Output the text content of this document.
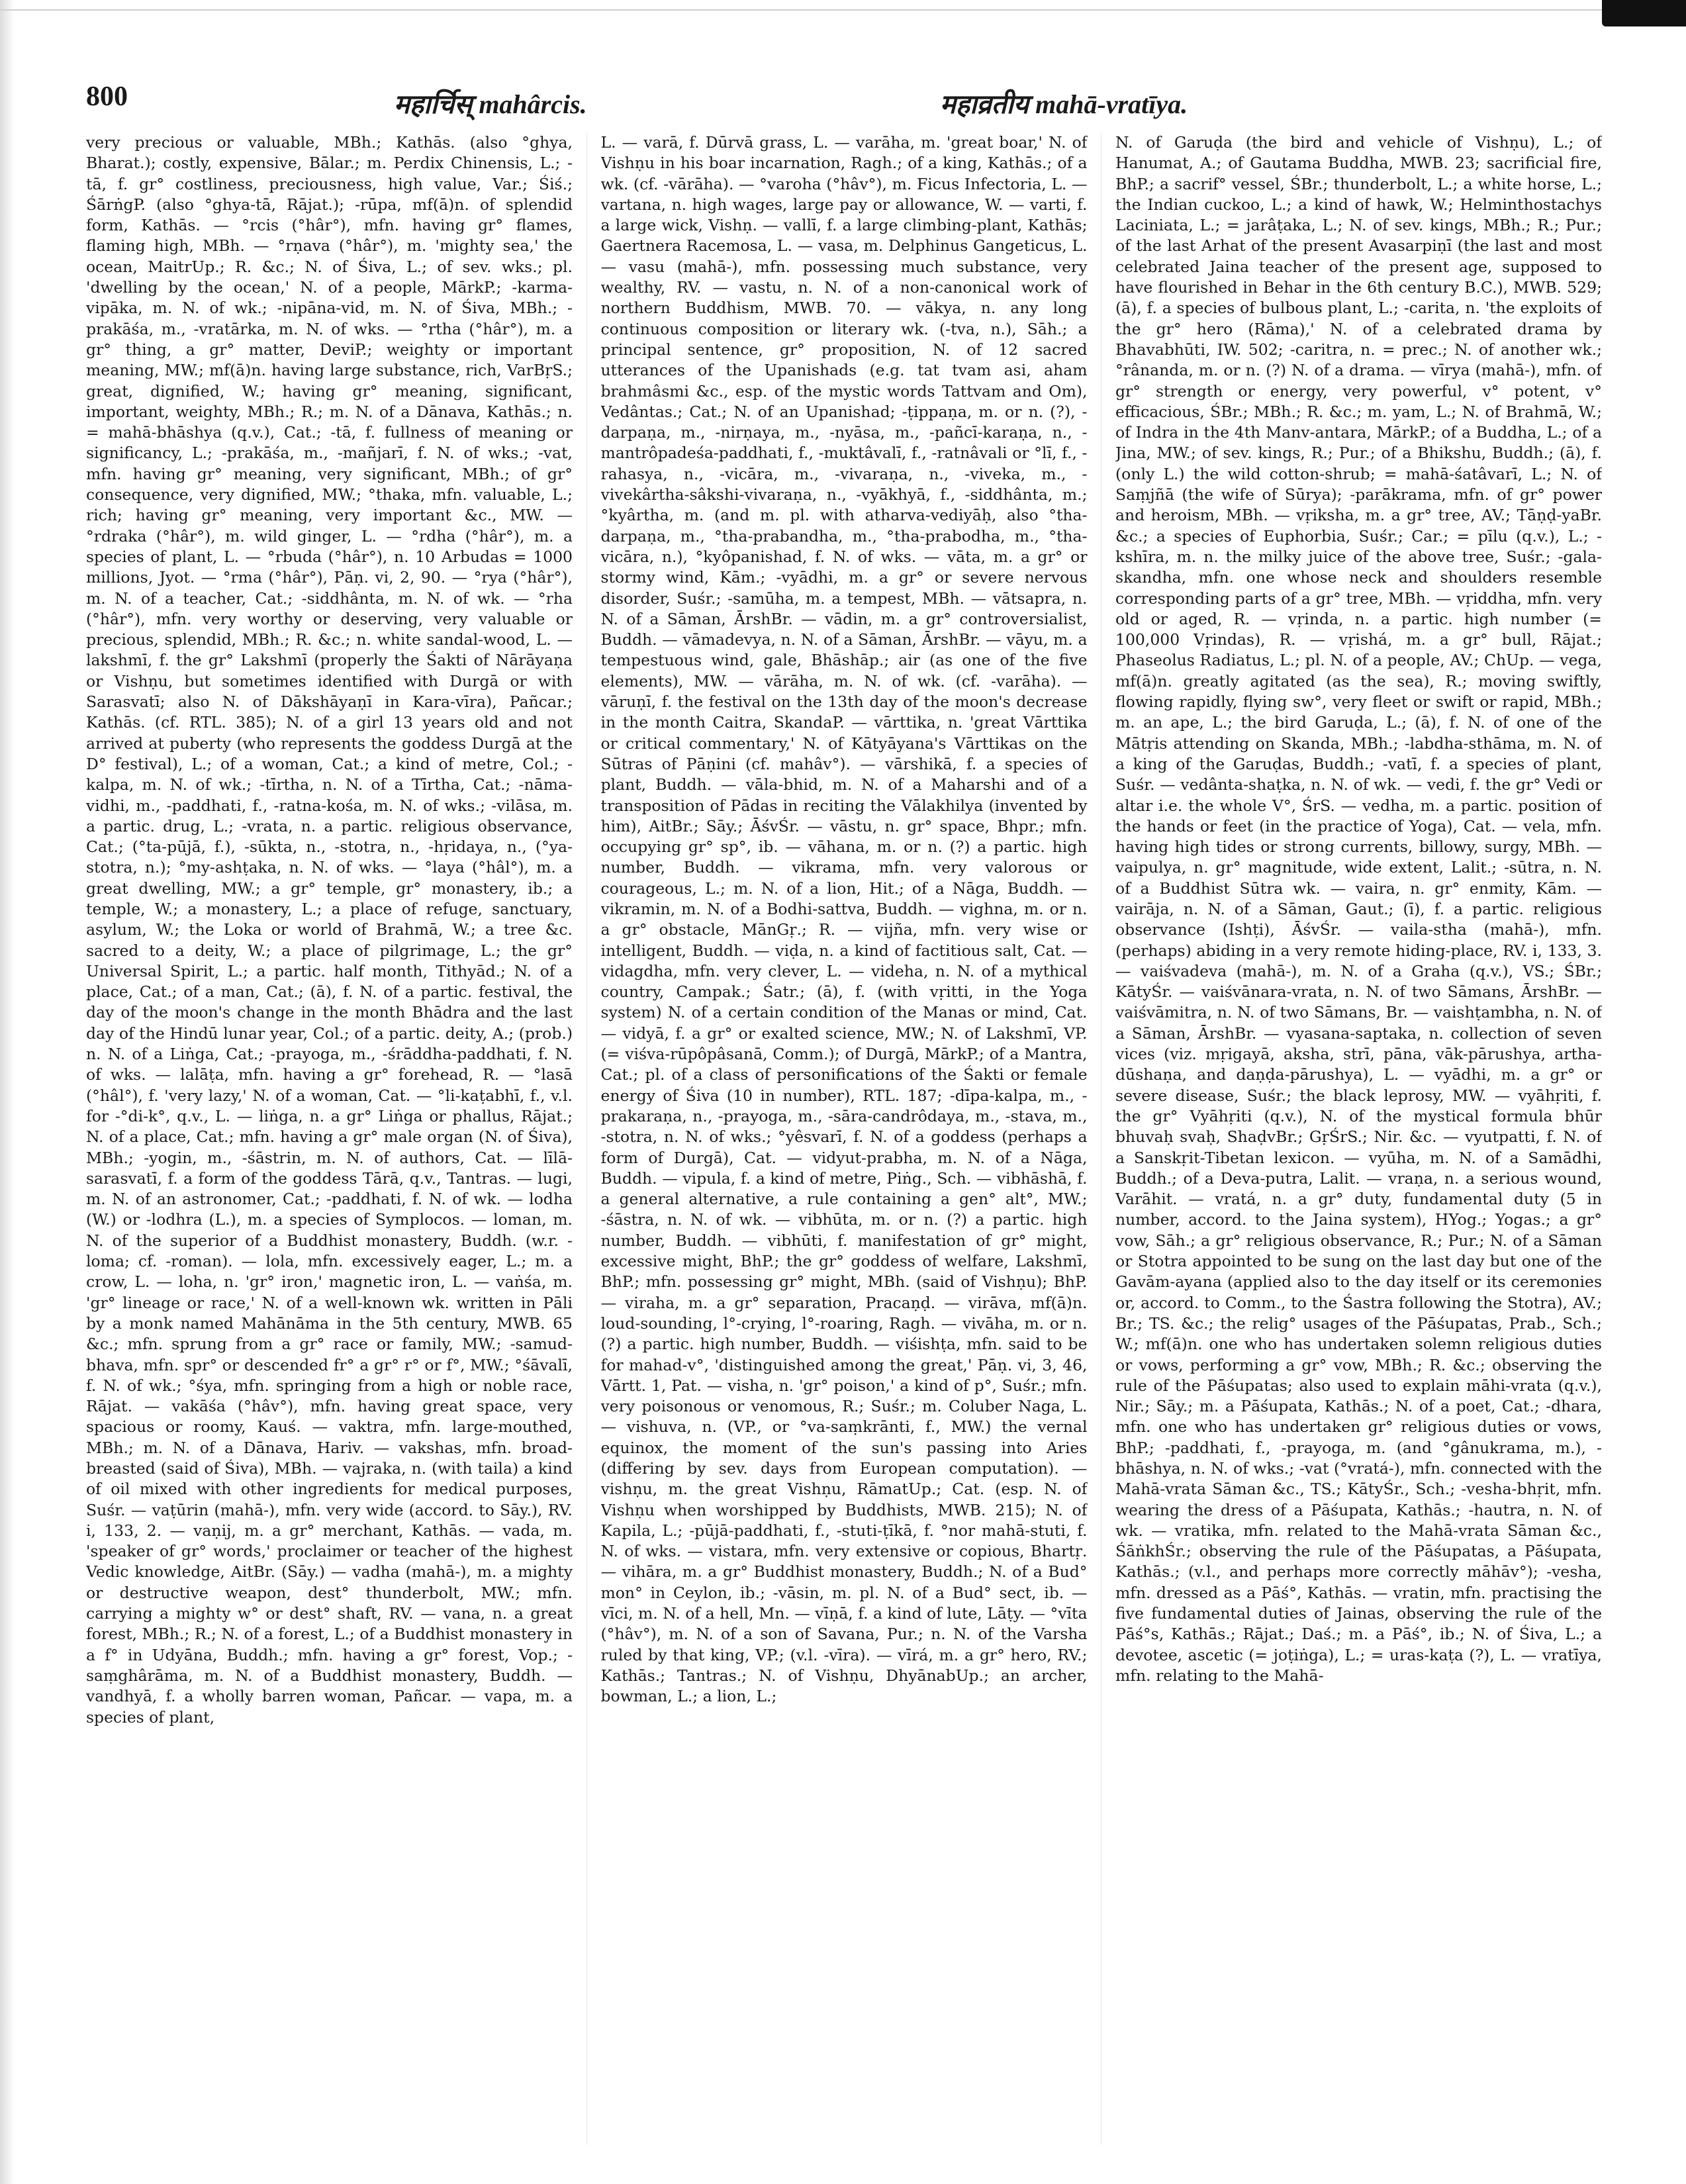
800	महार्चिस् mahârcis.	महाव्रतीय mahā-vratīya.

very precious or valuable, MBh.; Kathās. (also °ghya, Bharat.); costly, expensive, Bālar.; m. Perdix Chinensis, L.; -tā, f. gr° costliness, preciousness, high value, Var.; Śiś.; ŚārṅgP. (also °ghya-tā, Rājat.); -rūpa, mf(ā)n. of splendid form, Kathās. — °rcis (°hâr°), mfn. having gr° flames, flaming high, MBh. — °rṇava (°hâr°), m. 'mighty sea,' the ocean, MaitrUp.; R. &c.; N. of Śiva, L.; of sev. wks.; pl. 'dwelling by the ocean,' N. of a people, MārkP.; -karma-vipāka, m. N. of wk.; -nipāna-vid, m. N. of Śiva, MBh.; -prakāśa, m., -vratārka, m. N. of wks. — °rtha (°hâr°), m. a gr° thing, a gr° matter, DeviP.; weighty or important meaning, MW.; mf(ā)n. having large substance, rich, VarBṛS.; great, dignified, W.; having gr° meaning, significant, important, weighty, MBh.; R.; m. N. of a Dānava, Kathās.; n. = mahā-bhāshya (q.v.), Cat.; -tā, f. fullness of meaning or significancy, L.; -prakāśa, m., -mañjarī, f. N. of wks.; -vat, mfn. having gr° meaning, very significant, MBh.; of gr° consequence, very dignified, MW.; °thaka, mfn. valuable, L.; rich; having gr° meaning, very important &c., MW. — °rdraka (°hâr°), m. wild ginger, L. — °rdha (°hâr°), m. a species of plant, L. — °rbuda (°hâr°), n. 10 Arbudas = 1000 millions, Jyot. — °rma (°hâr°), Pāṇ. vi, 2, 90. — °rya (°hâr°), m. N. of a teacher, Cat.; -siddhânta, m. N. of wk. — °rha (°hâr°), mfn. very worthy or deserving, very valuable or precious, splendid, MBh.; R. &c.; n. white sandal-wood, L. — lakshmī, f. the gr° Lakshmī (properly the Śakti of Nārāyaṇa or Vishṇu, but sometimes identified with Durgā or with Sarasvatī; also N. of Dākshāyaṇī in Kara-vīra), Pañcar.; Kathās. (cf. RTL. 385); N. of a girl 13 years old and not arrived at puberty (who represents the goddess Durgā at the D° festival), L.; of a woman, Cat.; a kind of metre, Col.; -kalpa, m. N. of wk.; -tīrtha, n. N. of a Tīrtha, Cat.; -nāma-vidhi, m., -paddhati, f., -ratna-kośa, m. N. of wks.; -vilāsa, m. a partic. drug, L.; -vrata, n. a partic. religious observance, Cat.; (°ta-pūjā, f.), -sūkta, n., -stotra, n., -hṛidaya, n., (°ya-stotra, n.); °my-ashṭaka, n. N. of wks. — °laya (°hâl°), m. a great dwelling, MW.; a gr° temple, gr° monastery, ib.; a temple, W.; a monastery, L.; a place of refuge, sanctuary, asylum, W.; the Loka or world of Brahmā, W.; a tree &c. sacred to a deity, W.; a place of pilgrimage, L.; the gr° Universal Spirit, L.; a partic. half month, Tithyād.; N. of a place, Cat.; of a man, Cat.; (ā), f. N. of a partic. festival, the day of the moon's change in the month Bhādra and the last day of the Hindū lunar year, Col.; of a partic. deity, A.; (prob.) n. N. of a Liṅga, Cat.; -prayoga, m., -śrāddha-paddhati, f. N. of wks. — lalāṭa, mfn. having a gr° forehead, R. — °lasā (°hâl°), f. 'very lazy,' N. of a woman, Cat. — °li-kaṭabhī, f., v.l. for -°di-k°, q.v., L. — liṅga, n. a gr° Liṅga or phallus, Rājat.; N. of a place, Cat.; mfn. having a gr° male organ (N. of Śiva), MBh.; -yogin, m., -śāstrin, m. N. of authors, Cat. — līlā-sarasvatī, f. a form of the goddess Tārā, q.v., Tantras. — lugi, m. N. of an astronomer, Cat.; -paddhati, f. N. of wk. — lodha (W.) or -lodhra (L.), m. a species of Symplocos. — loman, m. N. of the superior of a Buddhist monastery, Buddh. (w.r. -loma; cf. -roman). — lola, mfn. excessively eager, L.; m. a crow, L. — loha, n. 'gr° iron,' magnetic iron, L. — vaṅśa, m. 'gr° lineage or race,' N. of a well-known wk. written in Pāli by a monk named Mahānāma in the 5th century, MWB. 65 &c.; mfn. sprung from a gr° race or family, MW.; -samud-bhava, mfn. spr° or descended fr° a gr° r° or f°, MW.; °śāvalī, f. N. of wk.; °śya, mfn. springing from a high or noble race, Rājat. — vakāśa (°hâv°), mfn. having great space, very spacious or roomy, Kauś. — vaktra, mfn. large-mouthed, MBh.; m. N. of a Dānava, Hariv. — vakshas, mfn. broad-breasted (said of Śiva), MBh. — vajraka, n. (with taila) a kind of oil mixed with other ingredients for medical purposes, Suśr. — vaṭūrin (mahā-), mfn. very wide (accord. to Sāy.), RV. i, 133, 2. — vaṇij, m. a gr° merchant, Kathās. — vada, m. 'speaker of gr° words,' proclaimer or teacher of the highest Vedic knowledge, AitBr. (Sāy.) — vadha (mahā-), m. a mighty or destructive weapon, dest° thunderbolt, MW.; mfn. carrying a mighty w° or dest° shaft, RV. — vana, n. a great forest, MBh.; R.; N. of a forest, L.; of a Buddhist monastery in a f° in Udyāna, Buddh.; mfn. having a gr° forest, Vop.; -saṃghârāma, m. N. of a Buddhist monastery, Buddh. — vandhyā, f. a wholly barren woman, Pañcar. — vapa, m. a species of plant,

L. — varā, f. Dūrvā grass, L. — varāha, m. 'great boar,' N. of Vishṇu in his boar incarnation, Ragh.; of a king, Kathās.; of a wk. (cf. -vārāha). — °varoha (°hâv°), m. Ficus Infectoria, L. — vartana, n. high wages, large pay or allowance, W. — varti, f. a large wick, Vishṇ. — vallī, f. a large climbing-plant, Kathās; Gaertnera Racemosa, L. — vasa, m. Delphinus Gangeticus, L. — vasu (mahā-), mfn. possessing much substance, very wealthy, RV. — vastu, n. N. of a non-canonical work of northern Buddhism, MWB. 70. — vākya, n. any long continuous composition or literary wk. (-tva, n.), Sāh.; a principal sentence, gr° proposition, N. of 12 sacred utterances of the Upanishads (e.g. tat tvam asi, aham brahmâsmi &c., esp. of the mystic words Tattvam and Om), Vedântas.; Cat.; N. of an Upanishad; -ṭippaṇa, m. or n. (?), -darpaṇa, m., -nirṇaya, m., -nyāsa, m., -pañcī-karaṇa, n., -mantrôpadeśa-paddhati, f., -muktâvalī, f., -ratnâvali or °lī, f., -rahasya, n., -vicāra, m., -vivaraṇa, n., -viveka, m., -vivekârtha-sâkshi-vivaraṇa, n., -vyākhyā, f., -siddhânta, m.; °kyârtha, m. (and m. pl. with atharva-vediyāḥ, also °tha-darpaṇa, m., °tha-prabandha, m., °tha-prabodha, m., °tha-vicāra, n.), °kyôpanishad, f. N. of wks. — vāta, m. a gr° or stormy wind, Kām.; -vyādhi, m. a gr° or severe nervous disorder, Suśr.; -samūha, m. a tempest, MBh. — vātsapra, n. N. of a Sāman, ĀrshBr. — vādin, m. a gr° controversialist, Buddh. — vāmadevya, n. N. of a Sāman, ĀrshBr. — vāyu, m. a tempestuous wind, gale, Bhāshāp.; air (as one of the five elements), MW. — vārāha, m. N. of wk. (cf. -varāha). — vāruṇī, f. the festival on the 13th day of the moon's decrease in the month Caitra, SkandaP. — vārttika, n. 'great Vārttika or critical commentary,' N. of Kātyāyana's Vārttikas on the Sūtras of Pāṇini (cf. mahâv°). — vārshikā, f. a species of plant, Buddh. — vāla-bhid, m. N. of a Maharshi and of a transposition of Pādas in reciting the Vālakhilya (invented by him), AitBr.; Sāy.; ĀśvŚr. — vāstu, n. gr° space, Bhpr.; mfn. occupying gr° sp°, ib. — vāhana, m. or n. (?) a partic. high number, Buddh. — vikrama, mfn. very valorous or courageous, L.; m. N. of a lion, Hit.; of a Nāga, Buddh. — vikramin, m. N. of a Bodhi-sattva, Buddh. — vighna, m. or n. a gr° obstacle, MānGṛ.; R. — vijña, mfn. very wise or intelligent, Buddh. — viḍa, n. a kind of factitious salt, Cat. — vidagdha, mfn. very clever, L. — videha, n. N. of a mythical country, Campak.; Śatr.; (ā), f. (with vṛitti, in the Yoga system) N. of a certain condition of the Manas or mind, Cat. — vidyā, f. a gr° or exalted science, MW.; N. of Lakshmī, VP. (= viśva-rūpôpâsanā, Comm.); of Durgā, MārkP.; of a Mantra, Cat.; pl. of a class of personifications of the Śakti or female energy of Śiva (10 in number), RTL. 187; -dīpa-kalpa, m., -prakaraṇa, n., -prayoga, m., -sāra-candrôdaya, m., -stava, m., -stotra, n. N. of wks.; °yêsvarī, f. N. of a goddess (perhaps a form of Durgā), Cat. — vidyut-prabha, m. N. of a Nāga, Buddh. — vipula, f. a kind of metre, Piṅg., Sch. — vibhāshā, f. a general alternative, a rule containing a gen° alt°, MW.; -śāstra, n. N. of wk. — vibhūta, m. or n. (?) a partic. high number, Buddh. — vibhūti, f. manifestation of gr° might, excessive might, BhP.; the gr° goddess of welfare, Lakshmī, BhP.; mfn. possessing gr° might, MBh. (said of Vishṇu); BhP. — viraha, m. a gr° separation, Pracaṇḍ. — virāva, mf(ā)n. loud-sounding, l°-crying, l°-roaring, Ragh. — vivāha, m. or n. (?) a partic. high number, Buddh. — viśishṭa, mfn. said to be for mahad-v°, 'distinguished among the great,' Pāṇ. vi, 3, 46, Vārtt. 1, Pat. — visha, n. 'gr° poison,' a kind of p°, Suśr.; mfn. very poisonous or venomous, R.; Suśr.; m. Coluber Naga, L. — vishuva, n. (VP., or °va-saṃkrānti, f., MW.) the vernal equinox, the moment of the sun's passing into Aries (differing by sev. days from European computation). — vishṇu, m. the great Vishṇu, RāmatUp.; Cat. (esp. N. of Vishṇu when worshipped by Buddhists, MWB. 215); N. of Kapila, L.; -pūjā-paddhati, f., -stuti-ṭīkā, f. °nor mahā-stuti, f. N. of wks. — vistara, mfn. very extensive or copious, Bhartṛ. — vihāra, m. a gr° Buddhist monastery, Buddh.; N. of a Bud° mon° in Ceylon, ib.; -vāsin, m. pl. N. of a Bud° sect, ib. — vīci, m. N. of a hell, Mn. — vīṇā, f. a kind of lute, Lāṭy. — °vīta (°hâv°), m. N. of a son of Savana, Pur.; n. N. of the Varsha ruled by that king, VP.; (v.l. -vīra). — vīrá, m. a gr° hero, RV.; Kathās.; Tantras.; N. of Vishṇu, DhyānabUp.; an archer, bowman, L.; a lion, L.;

N. of Garuḍa (the bird and vehicle of Vishṇu), L.; of Hanumat, A.; of Gautama Buddha, MWB. 23; sacrificial fire, BhP.; a sacrif° vessel, ŚBr.; thunderbolt, L.; a white horse, L.; the Indian cuckoo, L.; a kind of hawk, W.; Helminthostachys Laciniata, L.; = jarâṭaka, L.; N. of sev. kings, MBh.; R.; Pur.; of the last Arhat of the present Avasarpiṇī (the last and most celebrated Jaina teacher of the present age, supposed to have flourished in Behar in the 6th century B.C.), MWB. 529; (ā), f. a species of bulbous plant, L.; -carita, n. 'the exploits of the gr° hero (Rāma),' N. of a celebrated drama by Bhavabhūti, IW. 502; -caritra, n. = prec.; N. of another wk.; °rânanda, m. or n. (?) N. of a drama. — vīrya (mahā-), mfn. of gr° strength or energy, very powerful, v° potent, v° efficacious, ŚBr.; MBh.; R. &c.; m. yam, L.; N. of Brahmā, W.; of Indra in the 4th Manv-antara, MārkP.; of a Buddha, L.; of a Jina, MW.; of sev. kings, R.; Pur.; of a Bhikshu, Buddh.; (ā), f. (only L.) the wild cotton-shrub; = mahā-śatâvarī, L.; N. of Saṃjñā (the wife of Sūrya); -parākrama, mfn. of gr° power and heroism, MBh. — vṛiksha, m. a gr° tree, AV.; Tāṇḍ-yaBr. &c.; a species of Euphorbia, Suśr.; Car.; = pīlu (q.v.), L.; -kshīra, m. n. the milky juice of the above tree, Suśr.; -gala-skandha, mfn. one whose neck and shoulders resemble corresponding parts of a gr° tree, MBh. — vṛiddha, mfn. very old or aged, R. — vṛinda, n. a partic. high number (= 100,000 Vṛindas), R. — vṛishá, m. a gr° bull, Rājat.; Phaseolus Radiatus, L.; pl. N. of a people, AV.; ChUp. — vega, mf(ā)n. greatly agitated (as the sea), R.; moving swiftly, flowing rapidly, flying sw°, very fleet or swift or rapid, MBh.; m. an ape, L.; the bird Garuḍa, L.; (ā), f. N. of one of the Mātṛis attending on Skanda, MBh.; -labdha-sthāma, m. N. of a king of the Garuḍas, Buddh.; -vatī, f. a species of plant, Suśr. — vedânta-shaṭka, n. N. of wk. — vedi, f. the gr° Vedi or altar i.e. the whole V°, ŚrS. — vedha, m. a partic. position of the hands or feet (in the practice of Yoga), Cat. — vela, mfn. having high tides or strong currents, billowy, surgy, MBh. — vaipulya, n. gr° magnitude, wide extent, Lalit.; -sūtra, n. N. of a Buddhist Sūtra wk. — vaira, n. gr° enmity, Kām. — vairāja, n. N. of a Sāman, Gaut.; (ī), f. a partic. religious observance (Ishṭi), ĀśvŚr. — vaila-stha (mahā-), mfn. (perhaps) abiding in a very remote hiding-place, RV. i, 133, 3. — vaiśvadeva (mahā-), m. N. of a Graha (q.v.), VS.; ŚBr.; KātyŚr. — vaiśvānara-vrata, n. N. of two Sāmans, ĀrshBr. — vaiśvāmitra, n. N. of two Sāmans, Br. — vaishṭambha, n. N. of a Sāman, ĀrshBr. — vyasana-saptaka, n. collection of seven vices (viz. mṛigayā, aksha, strī, pāna, vāk-pārushya, artha-dūshaṇa, and daṇḍa-pārushya), L. — vyādhi, m. a gr° or severe disease, Suśr.; the black leprosy, MW. — vyāhṛiti, f. the gr° Vyāhṛiti (q.v.), N. of the mystical formula bhūr bhuvaḥ svaḥ, ShaḍvBr.; GṛŚrS.; Nir. &c. — vyutpatti, f. N. of a Sanskṛit-Tibetan lexicon. — vyūha, m. N. of a Samādhi, Buddh.; of a Deva-putra, Lalit. — vraṇa, n. a serious wound, Varāhit. — vratá, n. a gr° duty, fundamental duty (5 in number, accord. to the Jaina system), HYog.; Yogas.; a gr° vow, Sāh.; a gr° religious observance, R.; Pur.; N. of a Sāman or Stotra appointed to be sung on the last day but one of the Gavām-ayana (applied also to the day itself or its ceremonies or, accord. to Comm., to the Śastra following the Stotra), AV.; Br.; TS. &c.; the relig° usages of the Pāśupatas, Prab., Sch.; W.; mf(ā)n. one who has undertaken solemn religious duties or vows, performing a gr° vow, MBh.; R. &c.; observing the rule of the Pāśupatas; also used to explain māhi-vrata (q.v.), Nir.; Sāy.; m. a Pāśupata, Kathās.; N. of a poet, Cat.; -dhara, mfn. one who has undertaken gr° religious duties or vows, BhP.; -paddhati, f., -prayoga, m. (and °gânukrama, m.), -bhāshya, n. N. of wks.; -vat (°vratá-), mfn. connected with the Mahā-vrata Sāman &c., TS.; KātyŚr., Sch.; -vesha-bhṛit, mfn. wearing the dress of a Pāśupata, Kathās.; -hautra, n. N. of wk. — vratika, mfn. related to the Mahā-vrata Sāman &c., ŚāṅkhŚr.; observing the rule of the Pāśupatas, a Pāśupata, Kathās.; (v.l., and perhaps more correctly māhāv°); -vesha, mfn. dressed as a Pāś°, Kathās. — vratin, mfn. practising the five fundamental duties of Jainas, observing the rule of the Pāś°s, Kathās.; Rājat.; Daś.; m. a Pāś°, ib.; N. of Śiva, L.; a devotee, ascetic (= joṭiṅga), L.; = uras-kaṭa (?), L. — vratīya, mfn. relating to the Mahā-
